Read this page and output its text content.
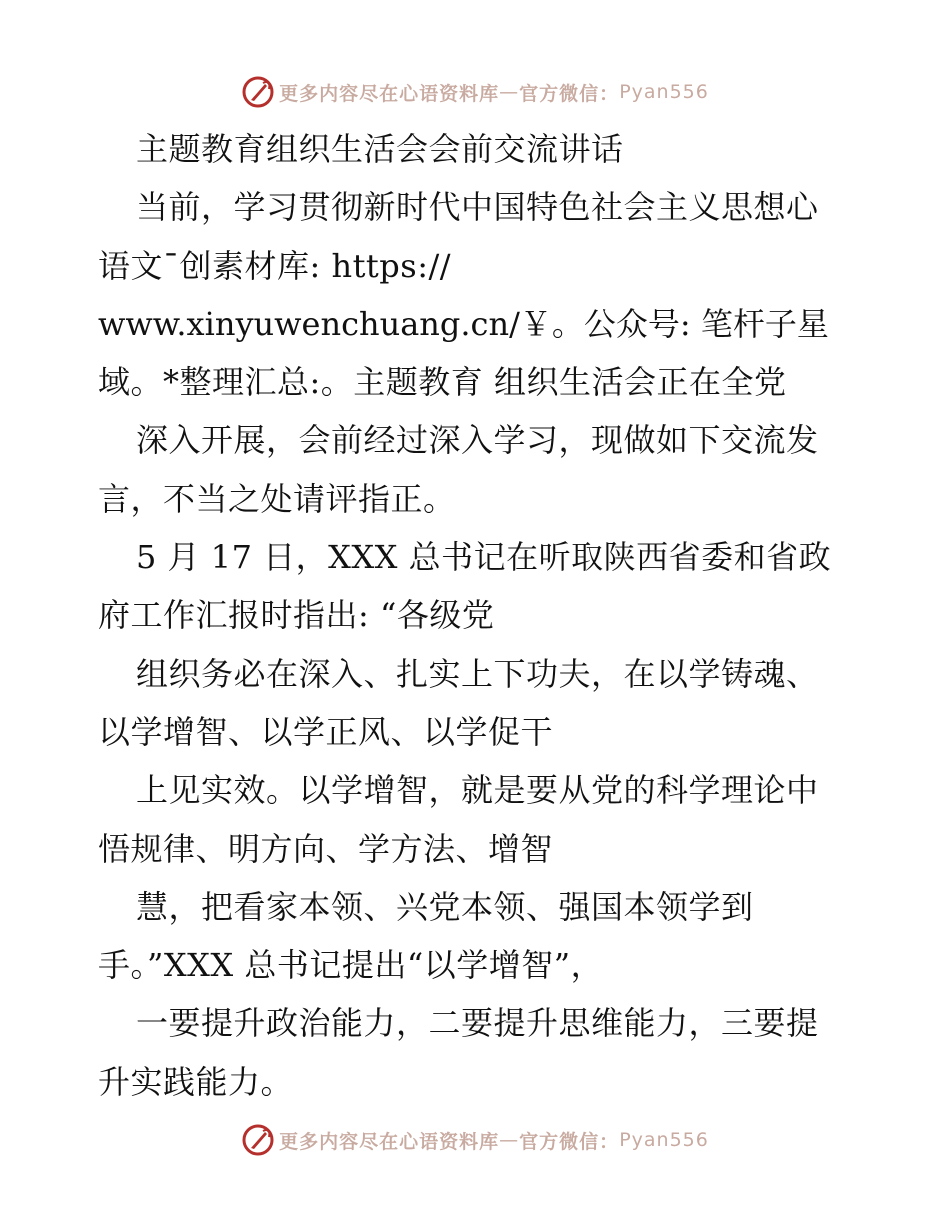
更多内容尽在心语资料库 — 官方微信： Pyan556
主题教育组织生活会会前交流讲话
当前，学习贯彻新时代中国特色社会主义思想心
语文¯创素材库: https://
www.xinyuwenchuang.cn/￥。公众号: 笔杆子星
域。*整理汇总:。主题教育 组织生活会正在全党
深入开展，会前经过深入学习，现做如下交流发
言，不当之处请评指正。
5 月 17 日，XXX 总书记在听取陕西省委和省政
府工作汇报时指出: “各级党
组织务必在深入、扎实上下功夫，在以学铸魂、
以学增智、以学正风、以学促干
上见实效。以学增智，就是要从党的科学理论中
悟规律、明方向、学方法、增智
慧，把看家本领、兴党本领、强国本领学到
手。”XXX 总书记提出“以学增智”，
一要提升政治能力，二要提升思维能力，三要提
升实践能力。
更多内容尽在心语资料库 — 官方微信： Pyan556
